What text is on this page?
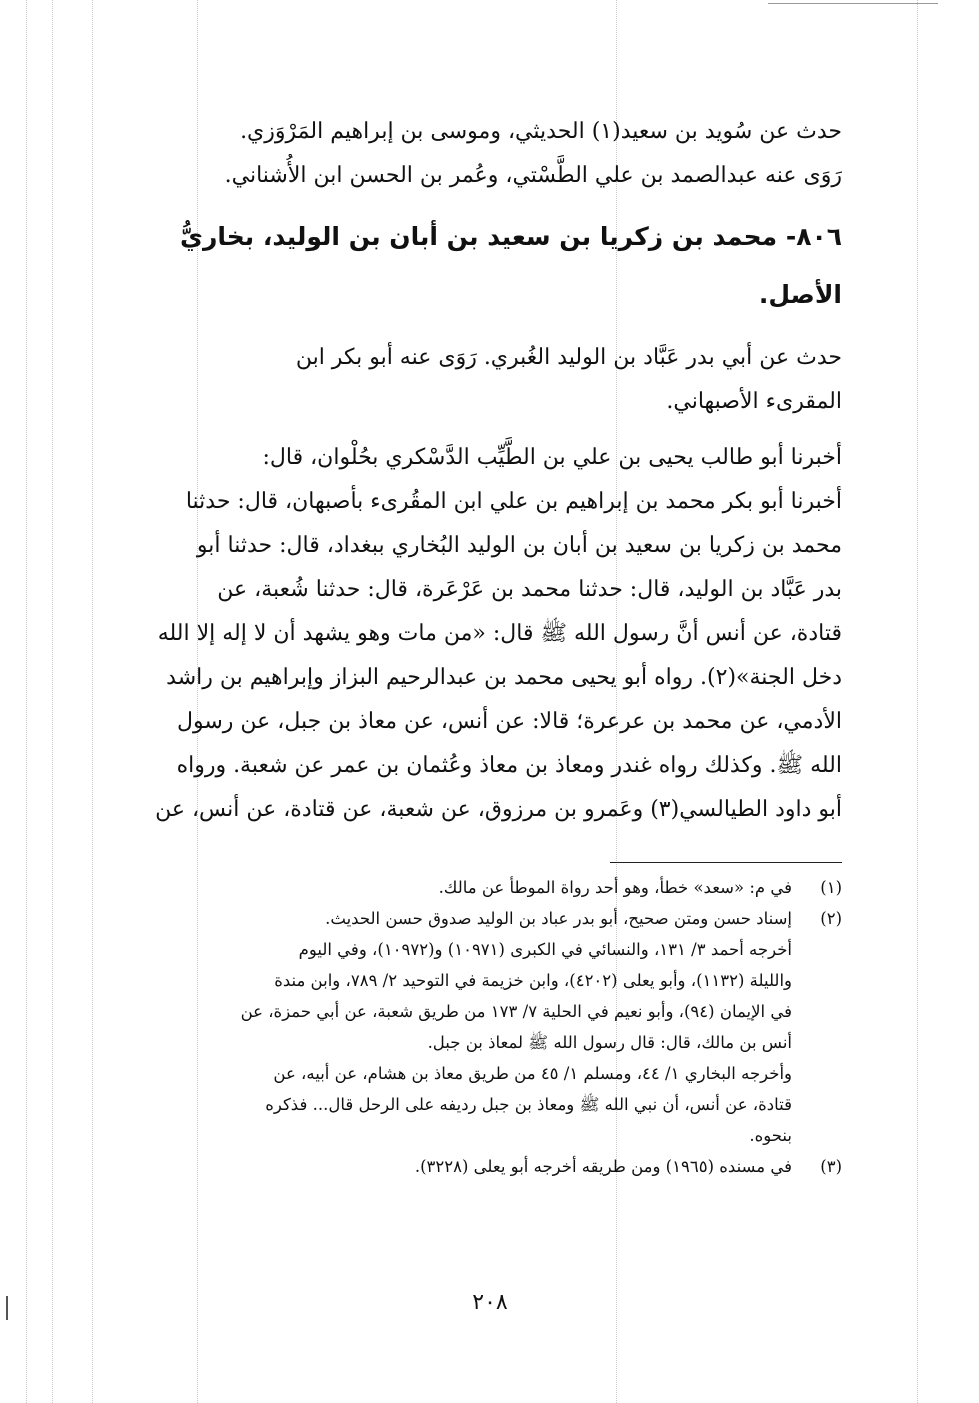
حدث عن سُويد بن سعيد(١) الحديثي، وموسى بن إبراهيم المَرْوَزي.
رَوَى عنه عبدالصمد بن علي الطَّسْتي، وعُمر بن الحسن ابن الأُشناني.
٨٠٦- محمد بن زكريا بن سعيد بن أبان بن الوليد، بخاريُّ
الأصل.
حدث عن أبي بدر عَبَّاد بن الوليد الغُبري. رَوَى عنه أبو بكر ابن
المقرىء الأصبهاني.
أخبرنا أبو طالب يحيى بن علي بن الطَّيِّب الدَّسْكري بحُلْوان، قال:
أخبرنا أبو بكر محمد بن إبراهيم بن علي ابن المقُرىء بأصبهان، قال: حدثنا
محمد بن زكريا بن سعيد بن أبان بن الوليد البُخاري ببغداد، قال: حدثنا أبو
بدر عَبَّاد بن الوليد، قال: حدثنا محمد بن عَرْعَرة، قال: حدثنا شُعبة، عن
قتادة، عن أنس أنَّ رسول الله ﷺ قال: «من مات وهو يشهد أن لا إله إلا الله
دخل الجنة»(٢). رواه أبو يحيى محمد بن عبدالرحيم البزاز وإبراهيم بن راشد
الأدمي، عن محمد بن عرعرة؛ قالا: عن أنس، عن معاذ بن جبل، عن رسول
الله ﷺ. وكذلك رواه غندر ومعاذ بن معاذ وعُثمان بن عمر عن شعبة. ورواه
أبو داود الطيالسي(٣) وعَمرو بن مرزوق، عن شعبة، عن قتادة، عن أنس، عن
(١)
في م: «سعد» خطأ، وهو أحد رواة الموطأ عن مالك.
(٢)
إسناد حسن ومتن صحيح، أبو بدر عباد بن الوليد صدوق حسن الحديث.
أخرجه أحمد ٣/ ١٣١، والنسائي في الكبرى (١٠٩٧١) و(١٠٩٧٢)، وفي اليوم
والليلة (١١٣٢)، وأبو يعلى (٤٢٠٢)، وابن خزيمة في التوحيد ٢/ ٧٨٩، وابن مندة
في الإيمان (٩٤)، وأبو نعيم في الحلية ٧/ ١٧٣ من طريق شعبة، عن أبي حمزة، عن
أنس بن مالك، قال: قال رسول الله ﷺ لمعاذ بن جبل.
وأخرجه البخاري ١/ ٤٤، ومسلم ١/ ٤٥ من طريق معاذ بن هشام، عن أبيه، عن
قتادة، عن أنس، أن نبي الله ﷺ ومعاذ بن جبل رديفه على الرحل قال... فذكره
بنحوه.
(٣)
في مسنده (١٩٦٥) ومن طريقه أخرجه أبو يعلى (٣٢٢٨).
٢٠٨
